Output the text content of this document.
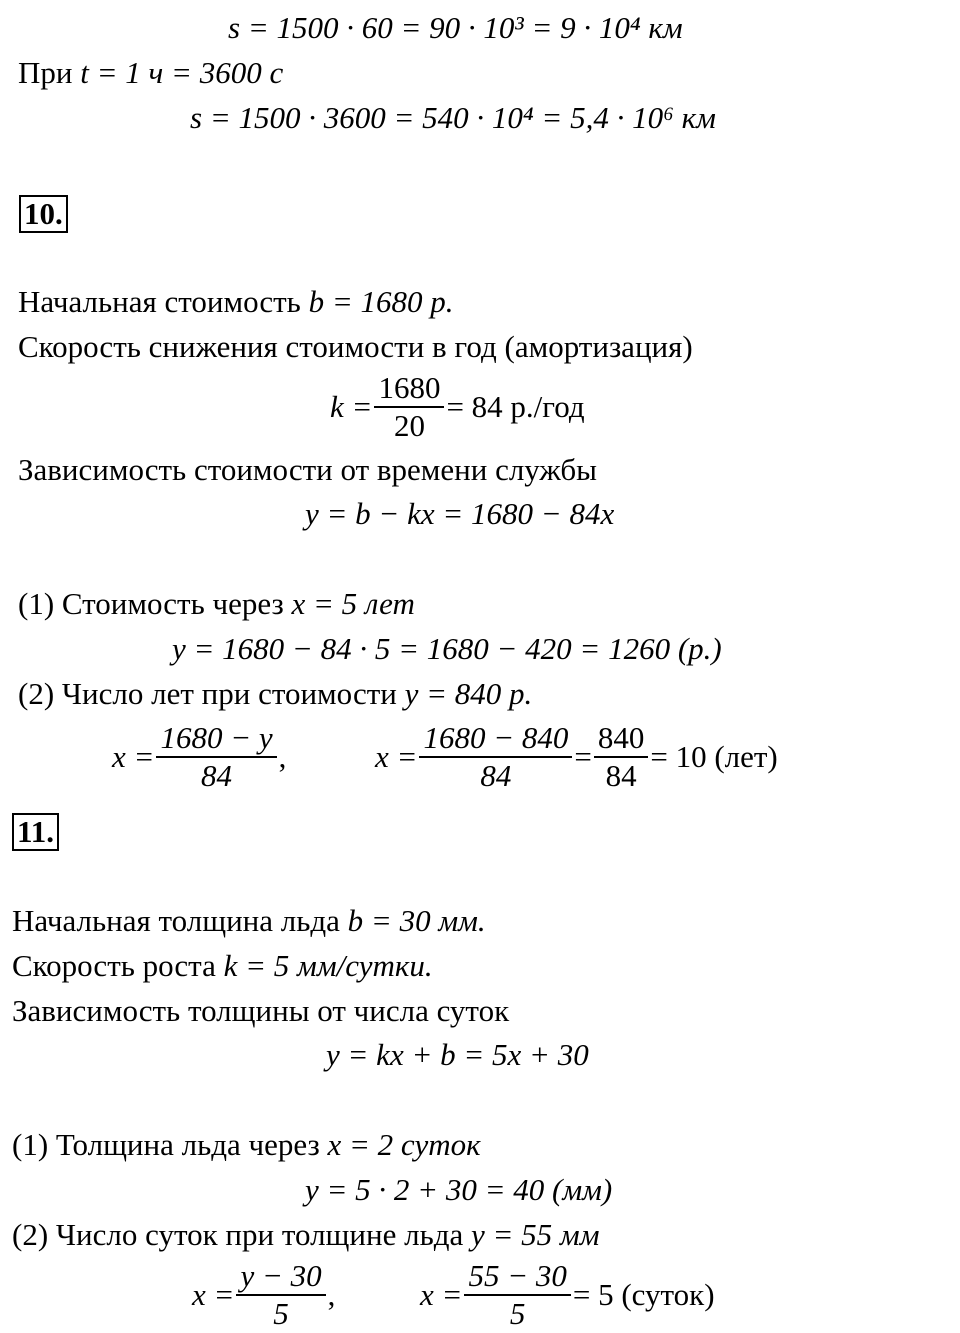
s = 1500 · 60 = 90 · 10³ = 9 · 10⁴ км
При t = 1 ч = 3600 с
s = 1500 · 3600 = 540 · 10⁴ = 5,4 · 10⁶ км
10.
Начальная стоимость b = 1680 р.
Скорость снижения стоимости в год (амортизация)
$k = \frac{1680}{20} = 84$ р./год
Зависимость стоимости от времени службы
y = b − kx = 1680 − 84x
(1) Стоимость через x = 5 лет
y = 1680 − 84 · 5 = 1680 − 420 = 1260 (р.)
(2) Число лет при стоимости y = 840 р.
$x = \frac{1680 - y}{84}$ ,	$x = \frac{1680 - 840}{84} = \frac{840}{84} = 10$ (лет)
11.
Начальная толщина льда b = 30 мм.
Скорость роста k = 5 мм/сутки.
Зависимость толщины от числа суток
y = kx + b = 5x + 30
(1) Толщина льда через x = 2 суток
y = 5 · 2 + 30 = 40 (мм)
(2) Число суток при толщине льда y = 55 мм
$x = \frac{y - 30}{5}$ ,	$x = \frac{55 - 30}{5} = 5$ (суток)
